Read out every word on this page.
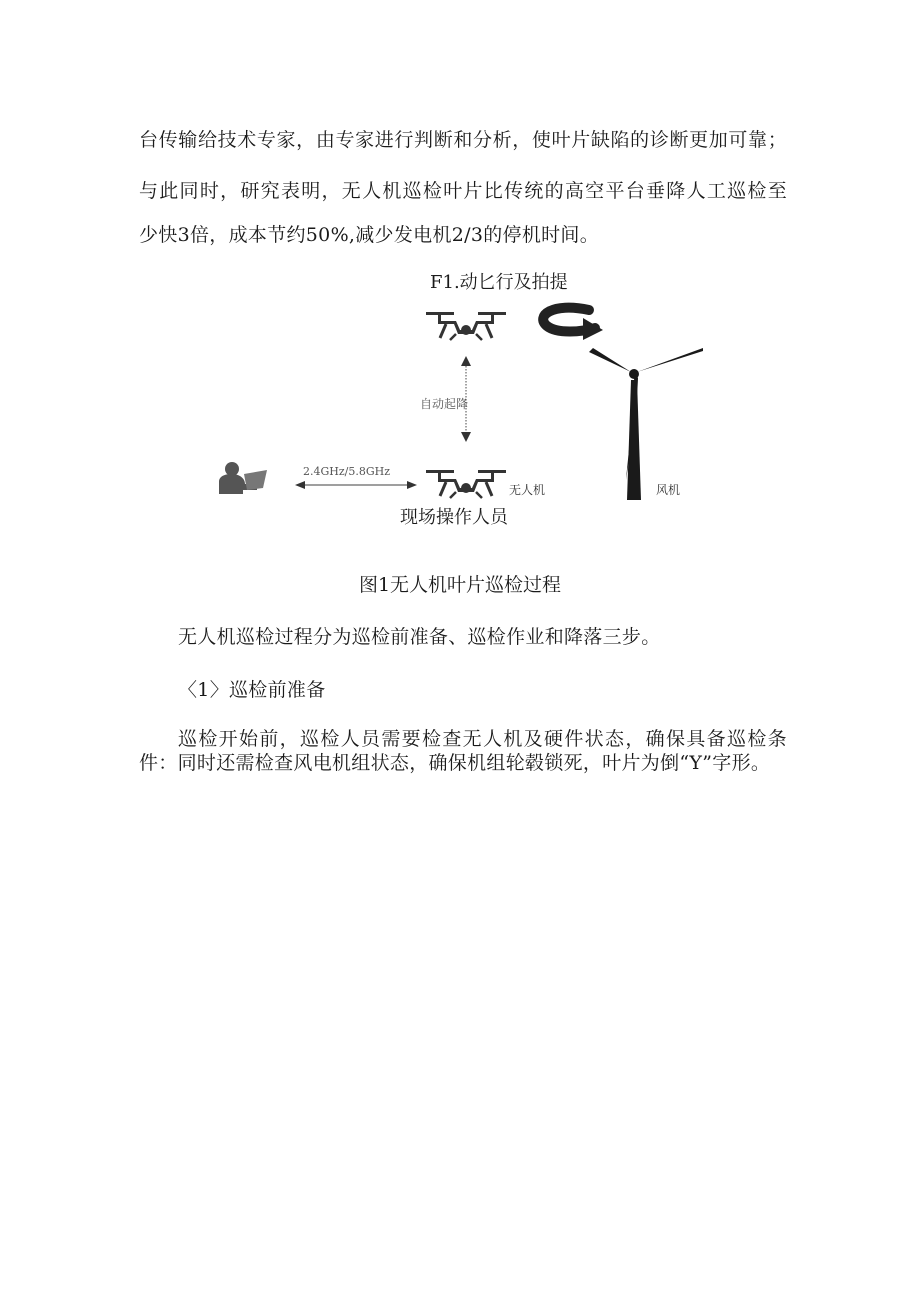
台传输给技术专家，由专家进行判断和分析，使叶片缺陷的诊断更加可靠；
与此同时，研究表明，无人机巡检叶片比传统的高空平台垂降人工巡检至
少快3倍，成本节约50%,减少发电机2/3的停机时间。
F1.动匕行及拍提
自动起降
无人机
2.4GHz/5.8GHz
风机
现场操作人员
图1无人机叶片巡检过程
无人机巡检过程分为巡检前准备、巡检作业和降落三步。
〈1〉巡检前准备
巡检开始前，巡检人员需要检查无人机及硬件状态，确保具备巡检条
件：同时还需检查风电机组状态，确保机组轮毂锁死，叶片为倒“Y”字形。
